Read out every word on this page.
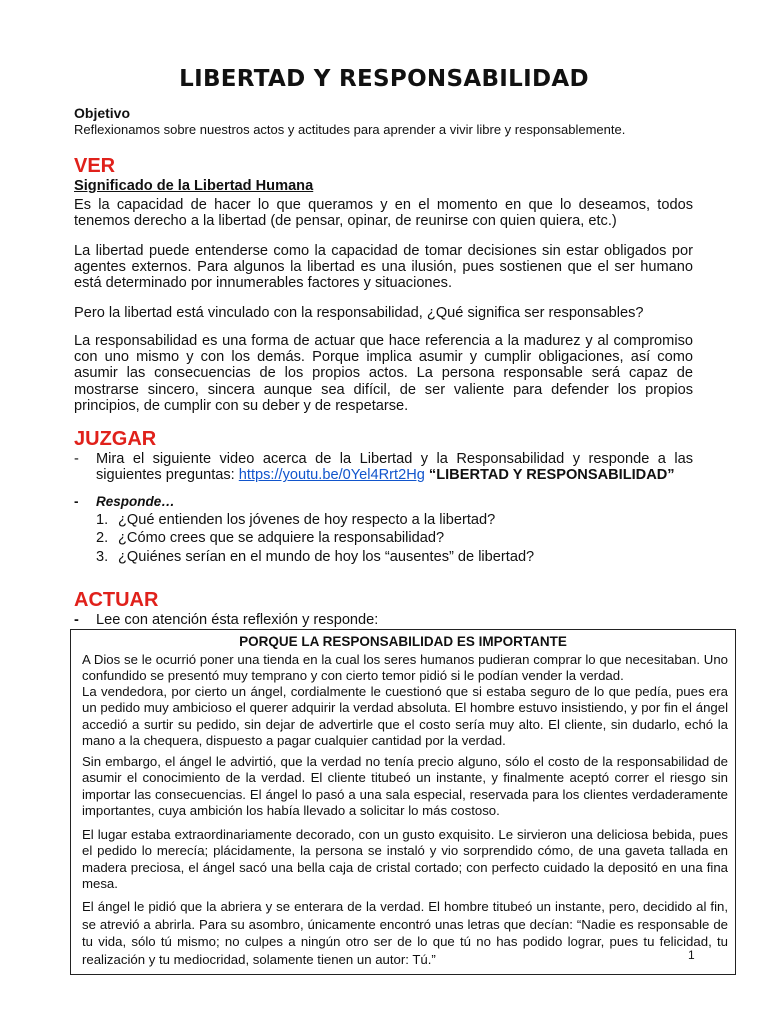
LIBERTAD Y RESPONSABILIDAD
Objetivo
Reflexionamos sobre nuestros actos y actitudes para aprender a vivir libre y responsablemente.
VER
Significado de la Libertad Humana
Es la capacidad de hacer lo que queramos y en el momento en que lo deseamos, todos tenemos derecho a la libertad (de pensar, opinar, de reunirse con quien quiera, etc.)
La libertad puede entenderse como la capacidad de tomar decisiones sin estar obligados por agentes externos. Para algunos la libertad es una ilusión, pues sostienen que el ser humano está determinado por innumerables factores y situaciones.
Pero la libertad está vinculado con la responsabilidad, ¿Qué significa ser responsables?
La responsabilidad es una forma de actuar que hace referencia a la madurez y al compromiso con uno mismo y con los demás. Porque implica asumir y cumplir obligaciones, así como asumir las consecuencias de los propios actos. La persona responsable será capaz de mostrarse sincero, sincera aunque sea difícil, de ser valiente para defender los propios principios, de cumplir con su deber y de respetarse.
JUZGAR
- Mira el siguiente video acerca de la Libertad y la Responsabilidad y responde a las siguientes preguntas: https://youtu.be/0Yel4Rrt2Hg “LIBERTAD Y RESPONSABILIDAD”
- Responde…
1. ¿Qué entienden los jóvenes de hoy respecto a la libertad?
2. ¿Cómo crees que se adquiere la responsabilidad?
3. ¿Quiénes serían en el mundo de hoy los “ausentes” de libertad?
ACTUAR
- Lee con atención ésta reflexión y responde:
PORQUE LA RESPONSABILIDAD ES IMPORTANTE
A Dios se le ocurrió poner una tienda en la cual los seres humanos pudieran comprar lo que necesitaban. Uno confundido se presentó muy temprano y con cierto temor pidió si le podían vender la verdad.
La vendedora, por cierto un ángel, cordialmente le cuestionó que si estaba seguro de lo que pedía, pues era un pedido muy ambicioso el querer adquirir la verdad absoluta. El hombre estuvo insistiendo, y por fin el ángel accedió a surtir su pedido, sin dejar de advertirle que el costo sería muy alto. El cliente, sin dudarlo, echó la mano a la chequera, dispuesto a pagar cualquier cantidad por la verdad.
Sin embargo, el ángel le advirtió, que la verdad no tenía precio alguno, sólo el costo de la responsabilidad de asumir el conocimiento de la verdad. El cliente titubeó un instante, y finalmente aceptó correr el riesgo sin importar las consecuencias. El ángel lo pasó a una sala especial, reservada para los clientes verdaderamente importantes, cuya ambición los había llevado a solicitar lo más costoso.
El lugar estaba extraordinariamente decorado, con un gusto exquisito. Le sirvieron una deliciosa bebida, pues el pedido lo merecía; plácidamente, la persona se instaló y vio sorprendido cómo, de una gaveta tallada en madera preciosa, el ángel sacó una bella caja de cristal cortado; con perfecto cuidado la depositó en una fina mesa.
El ángel le pidió que la abriera y se enterara de la verdad. El hombre titubeó un instante, pero, decidido al fin, se atrevió a abrirla. Para su asombro, únicamente encontró unas letras que decían: “Nadie es responsable de tu vida, sólo tú mismo; no culpes a ningún otro ser de lo que tú no has podido lograr, pues tu felicidad, tu realización y tu mediocridad, solamente tienen un autor: Tú.”	1
